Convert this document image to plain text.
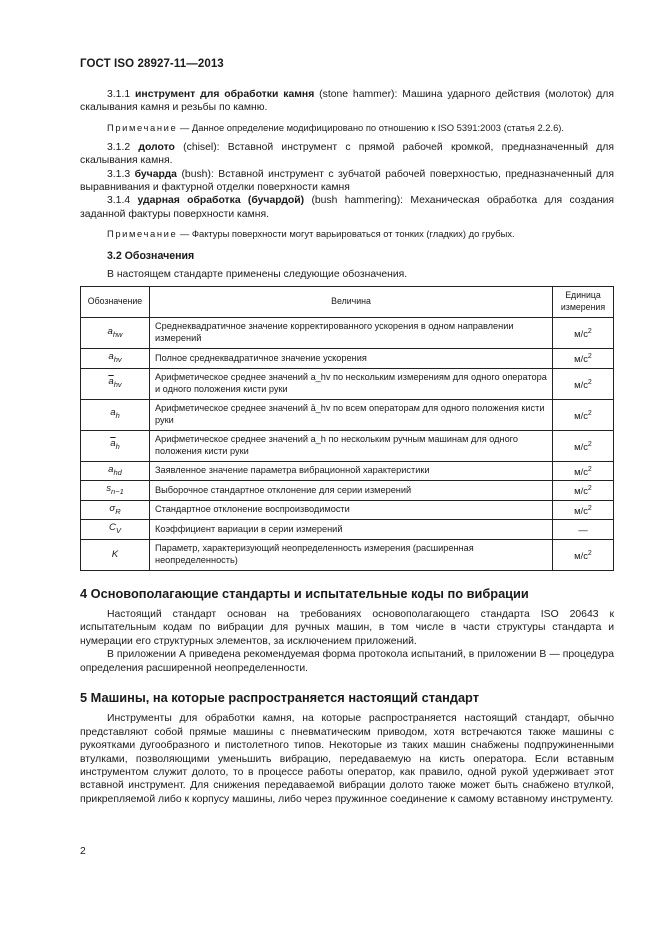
ГОСТ ISO 28927-11—2013

3.1.1 инструмент для обработки камня (stone hammer): Машина ударного действия (молоток) для скалывания камня и резьбы по камню.

Примечание — Данное определение модифицировано по отношению к ISO 5391:2003 (статья 2.2.6).

3.1.2 долото (chisel): Вставной инструмент с прямой рабочей кромкой, предназначенный для скалывания камня.

3.1.3 бучарда (bush): Вставной инструмент с зубчатой рабочей поверхностью, предназначенный для выравнивания и фактурной отделки поверхности камня

3.1.4 ударная обработка (бучардой) (bush hammering): Механическая обработка для создания заданной фактуры поверхности камня.

Примечание — Фактуры поверхности могут варьироваться от тонких (гладких) до грубых.

3.2 Обозначения

В настоящем стандарте применены следующие обозначения.

Обозначение	Величина	Единица измерения
$a_{hw}$	Среднеквадратичное значение корректированного ускорения в одном направлении измерений	$м/с^2$
$a_{hv}$	Полное среднеквадратичное значение ускорения	$м/с^2$
$\overline{a}_{hv}$	Арифметическое среднее значений a_hv по нескольким измерениям для одного оператора и одного положения кисти руки	$м/с^2$
$a_h$	Арифметическое среднее значений ā_hv по всем операторам для одного положения кисти руки	$м/с^2$
$\overline{a}_h$	Арифметическое среднее значений a_h по нескольким ручным машинам для одного положения кисти руки	$м/с^2$
$a_{hd}$	Заявленное значение параметра вибрационной характеристики	$м/с^2$
$s_{n-1}$	Выборочное стандартное отклонение для серии измерений	$м/с^2$
$\sigma_R$	Стандартное отклонение воспроизводимости	$м/с^2$
$C_V$	Коэффициент вариации в серии измерений	—
K	Параметр, характеризующий неопределенность измерения (расширенная неопределенность)	$м/с^2$
4 Основополагающие стандарты и испытательные коды по вибрации

Настоящий стандарт основан на требованиях основополагающего стандарта ISO 20643 к испытательным кодам по вибрации для ручных машин, в том числе в части структуры стандарта и нумерации его структурных элементов, за исключением приложений.

В приложении А приведена рекомендуемая форма протокола испытаний, в приложении В — процедура определения расширенной неопределенности.

5 Машины, на которые распространяется настоящий стандарт

Инструменты для обработки камня, на которые распространяется настоящий стандарт, обычно представляют собой прямые машины с пневматическим приводом, хотя встречаются также машины с рукоятками дугообразного и пистолетного типов. Некоторые из таких машин снабжены подпружиненными втулками, позволяющими уменьшить вибрацию, передаваемую на кисть оператора. Если вставным инструментом служит долото, то в процессе работы оператор, как правило, одной рукой удерживает этот вставной инструмент. Для снижения передаваемой вибрации долото также может быть снабжено втулкой, прикрепляемой либо к корпусу машины, либо через пружинное соединение к самому вставному инструменту.

2
